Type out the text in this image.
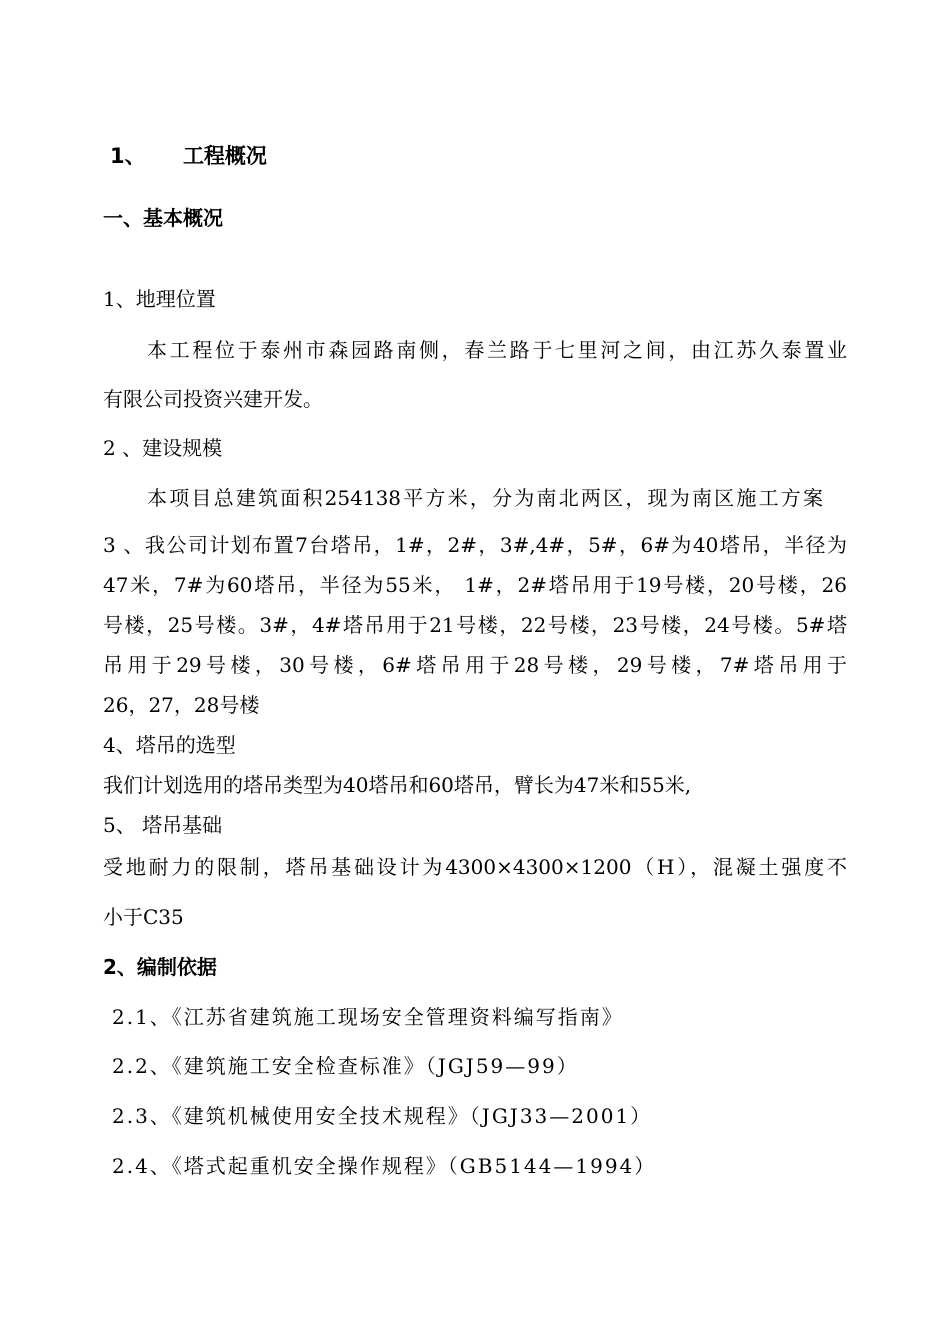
1、 工程概况
一、基本概况
1、地理位置
本工程位于泰州市森园路南侧，春兰路于七里河之间，由江苏久泰置业
有限公司投资兴建开发。
2 、建设规模
本项目总建筑面积254138平方米，分为南北两区，现为南区施工方案
3 、我公司计划布置7台塔吊，1#，2#，3#,4#，5#，6#为40塔吊，半径为
47米，7#为60塔吊，半径为55米， 1#，2#塔吊用于19号楼，20号楼，26
号楼，25号楼。3#，4#塔吊用于21号楼，22号楼，23号楼，24号楼。5#塔
吊用于29号楼，30号楼，6#塔吊用于28号楼，29号楼，7#塔吊用于
26，27，28号楼
4、塔吊的选型
我们计划选用的塔吊类型为40塔吊和60塔吊，臂长为47米和55米,
5、 塔吊基础
受地耐力的限制，塔吊基础设计为4300×4300×1200（H），混凝土强度不
小于C35
2、编制依据
2.1、《江苏省建筑施工现场安全管理资料编写指南》
2.2、《建筑施工安全检查标准》（JGJ59—99）
2.3、《建筑机械使用安全技术规程》（JGJ33—2001）
2.4、《塔式起重机安全操作规程》（GB5144—1994）
